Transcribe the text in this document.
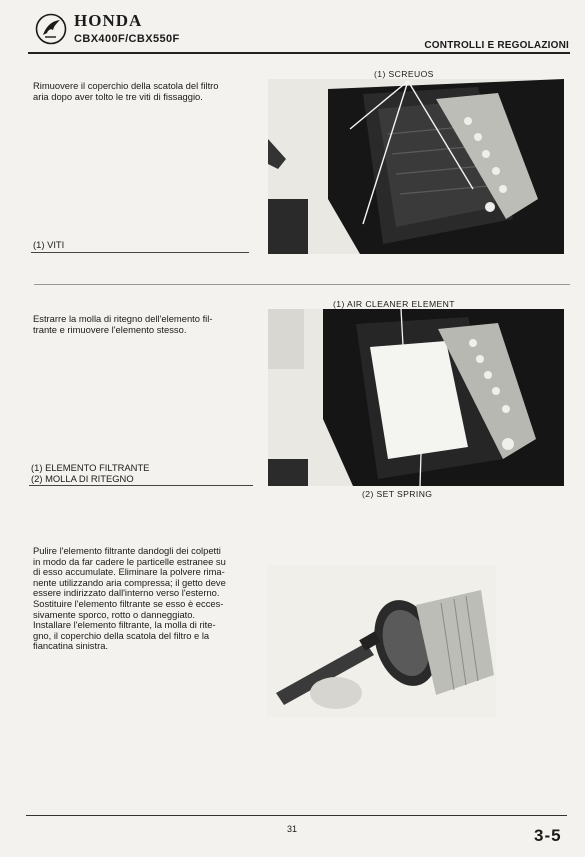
HONDA
CBX400F/CBX550F
CONTROLLI E REGOLAZIONI

Rimuovere il coperchio della scatola del filtro
aria dopo aver tolto le tre viti di fissaggio.

(1) VITI
(1) SCREUOS

Estrarre la molla di ritegno dell'elemento fil-
trante e rimuovere l'elemento stesso.

(1) ELEMENTO FILTRANTE
(2) MOLLA DI RITEGNO
(1) AIR CLEANER ELEMENT
(2) SET SPRING

Pulire l'elemento filtrante dandogli dei colpetti
in modo da far cadere le particelle estranee su
di esso accumulate. Eliminare la polvere rima-
nente utilizzando aria compressa; il getto deve
essere indirizzato dall'interno verso l'esterno.
Sostituire l'elemento filtrante se esso è ecces-
sivamente sporco, rotto o danneggiato.
Installare l'elemento filtrante, la molla di rite-
gno, il coperchio della scatola del filtro e la
fiancatina sinistra.

31	3-5
